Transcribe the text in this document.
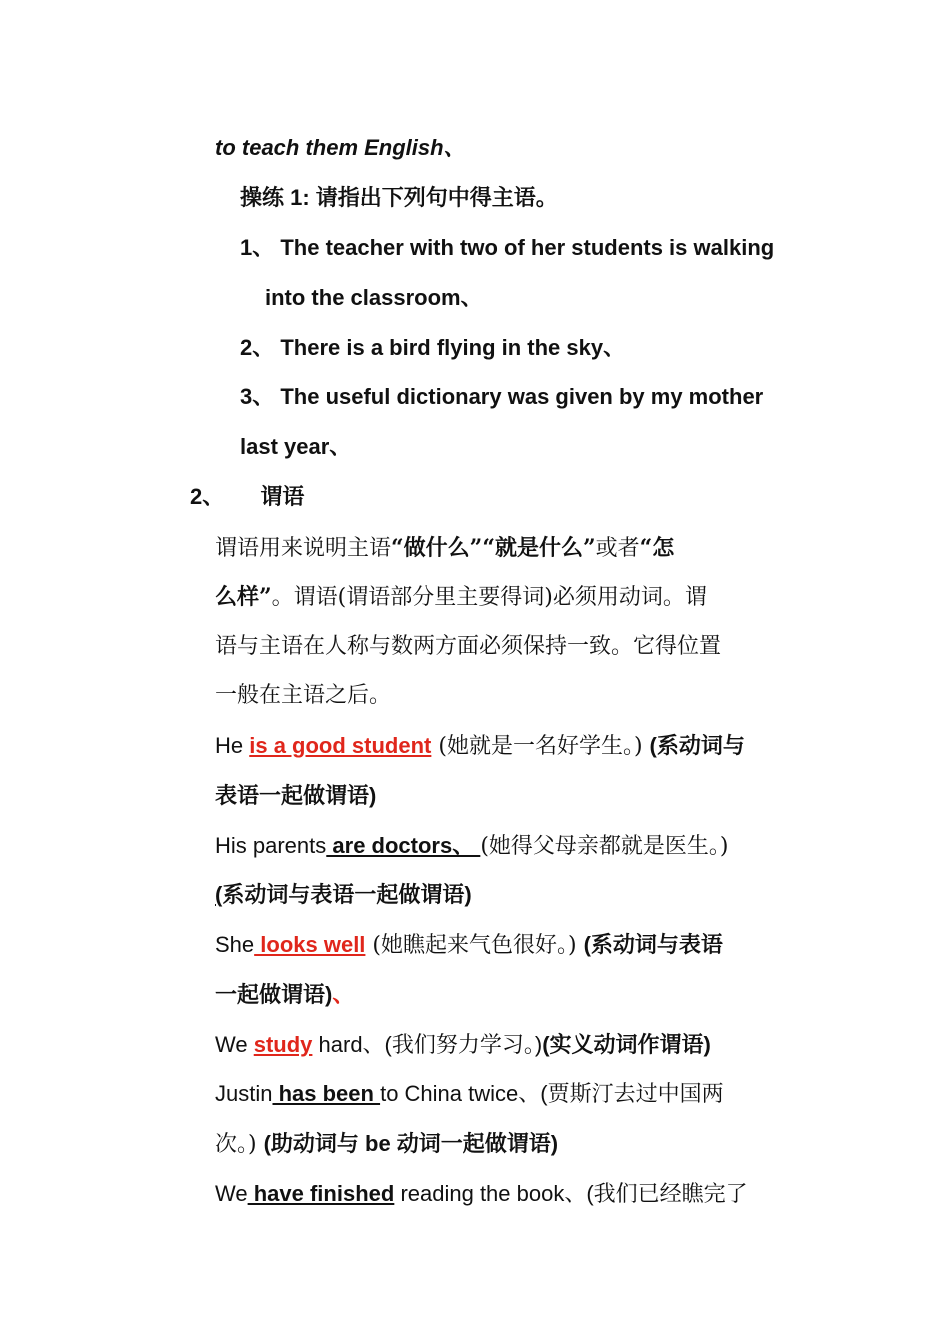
to teach them English、
操练 1: 请指出下列句中得主语。
1、 The teacher with two of her students is walking
into the classroom、
2、 There is a bird flying in the sky、
3、 The useful dictionary was given by my mother
last year、
2、 谓语
谓语用来说明主语“做什么”“就是什么”或者“怎
么样”。谓语(谓语部分里主要得词)必须用动词。谓
语与主语在人称与数两方面必须保持一致。它得位置
一般在主语之后。
He is a good student (她就是一名好学生。) (系动词与
表语一起做谓语)
His parents are doctors、 (她得父母亲都就是医生。)
(系动词与表语一起做谓语)
She looks well (她瞧起来气色很好。) (系动词与表语
一起做谓语)、
We study hard、(我们努力学习。)(实义动词作谓语)
Justin has been to China twice、(贾斯汀去过中国两
次。) (助动词与 be 动词一起做谓语)
We have finished reading the book、(我们已经瞧完了
